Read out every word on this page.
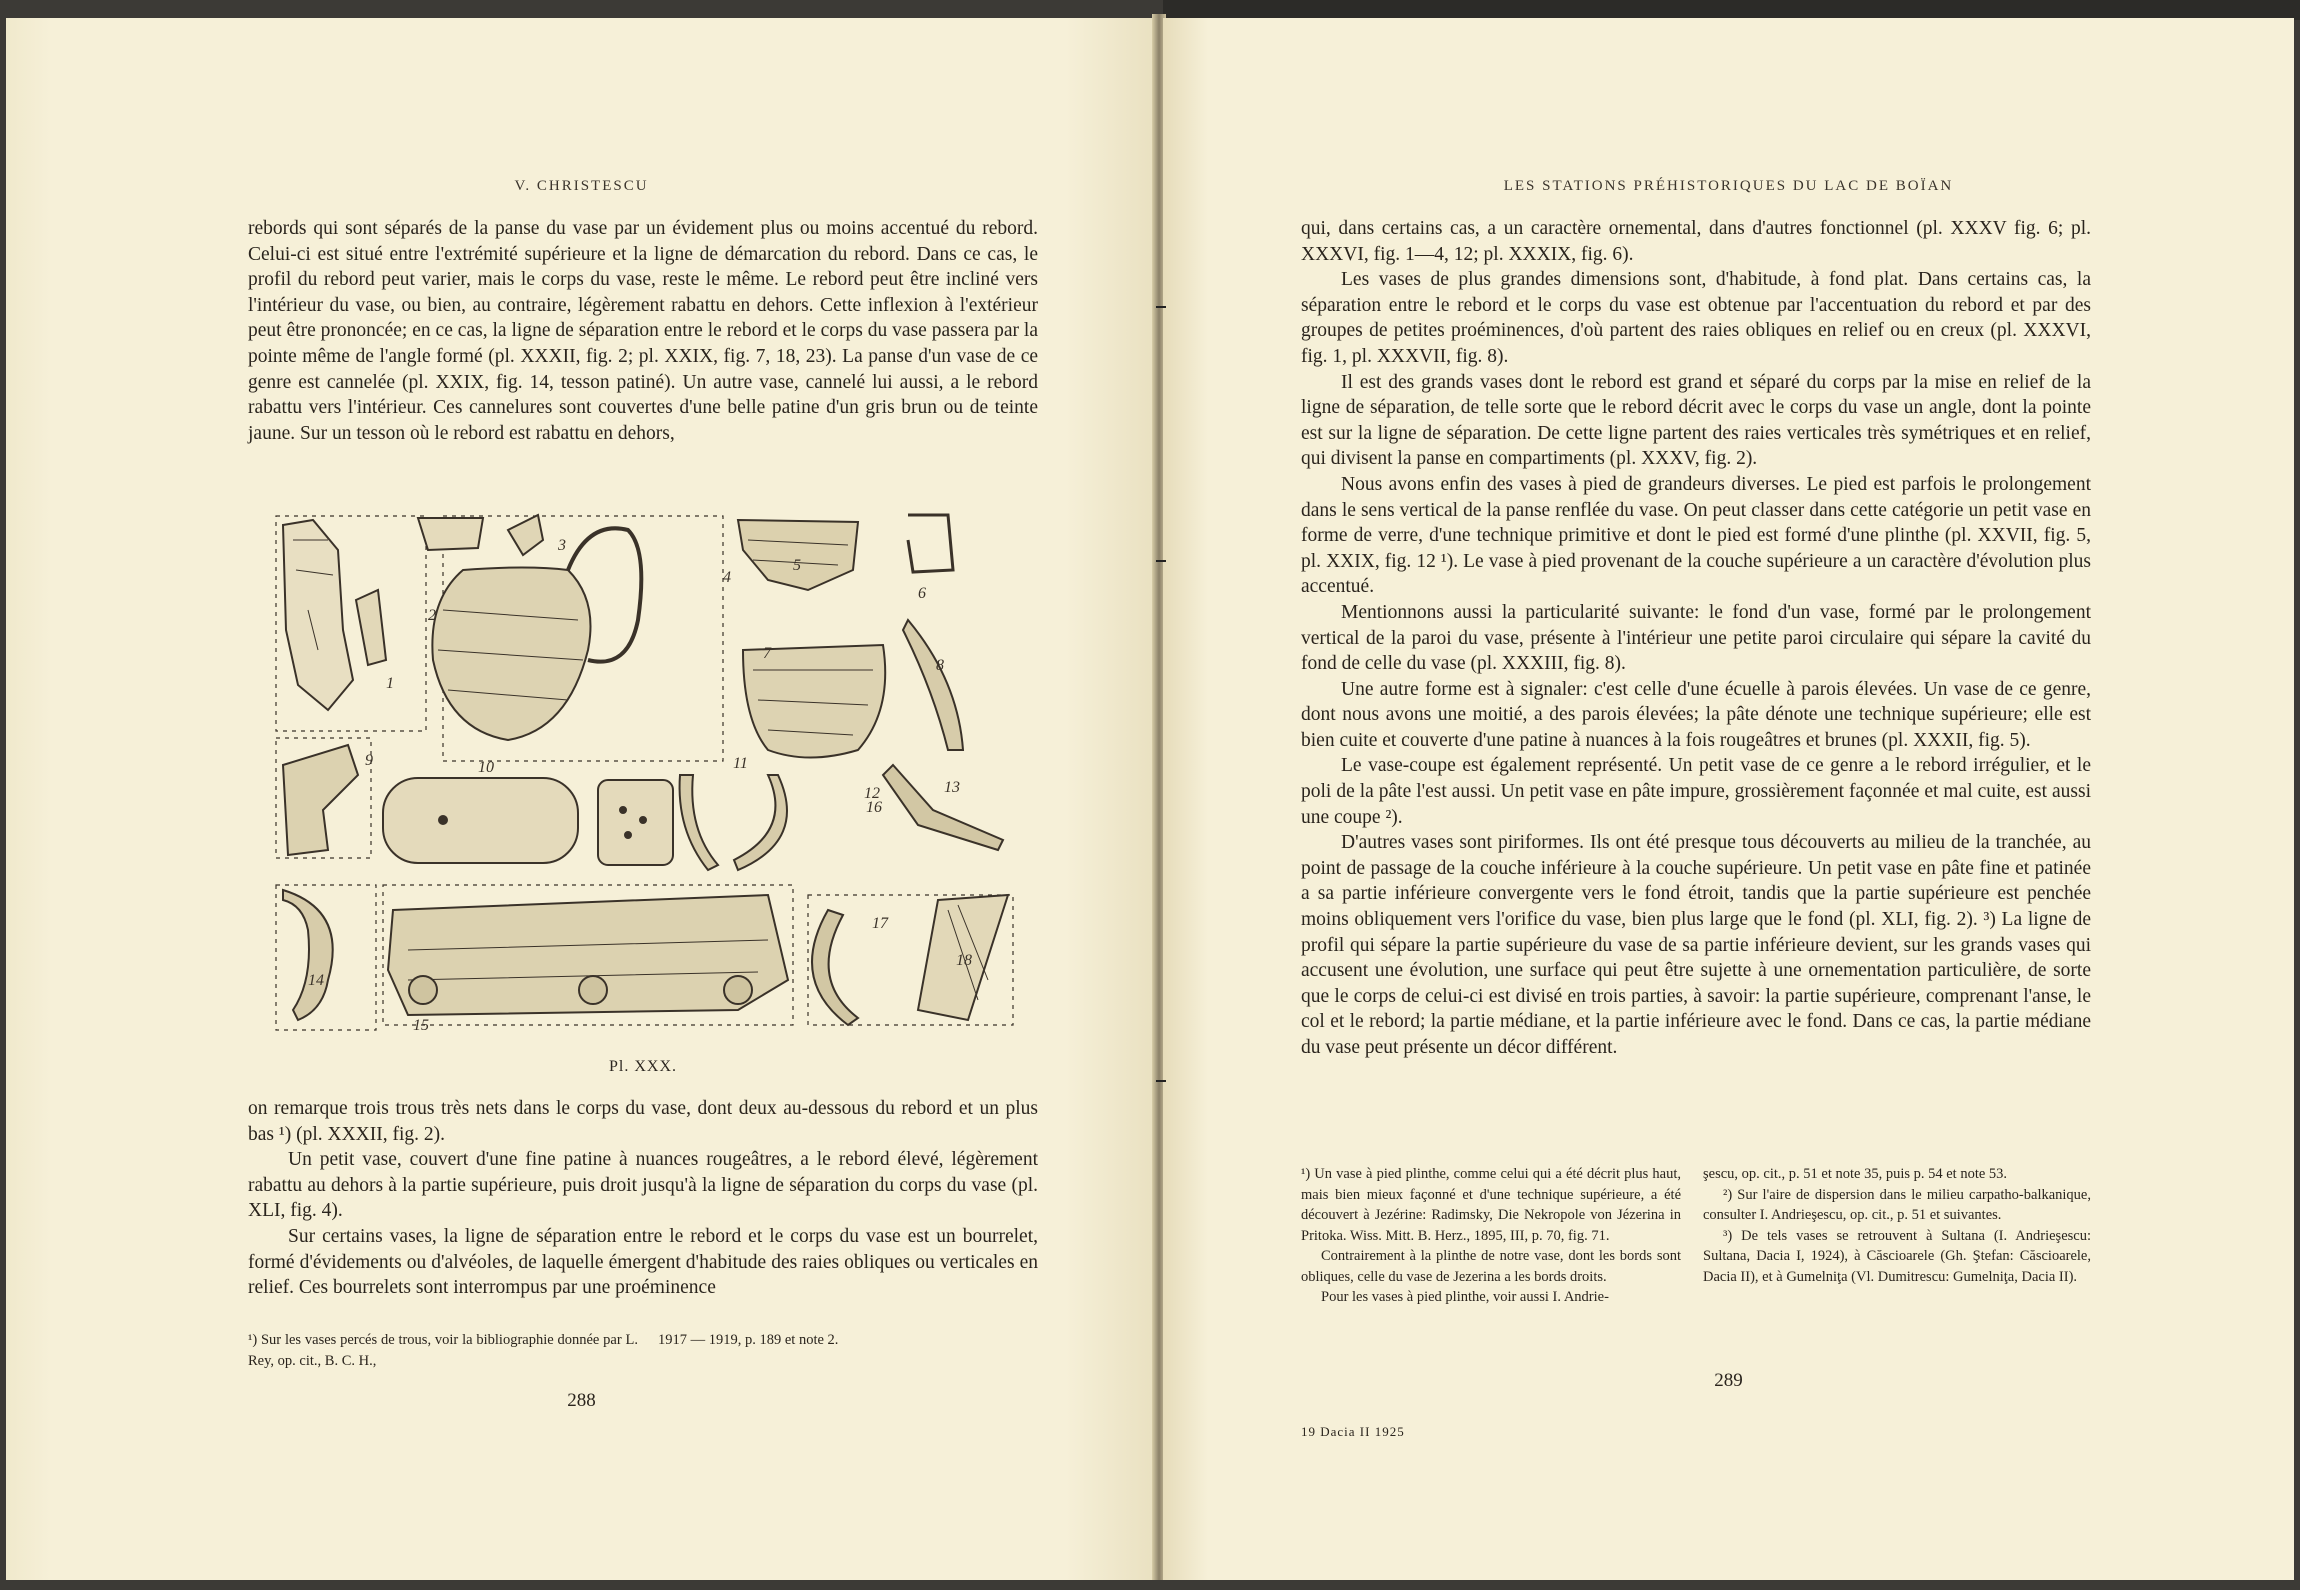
V. CHRISTESCU

rebords qui sont séparés de la panse du vase par un évidement plus ou moins accentué du rebord. Celui-ci est situé entre l'extrémité supérieure et la ligne de démarcation du rebord. Dans ce cas, le profil du rebord peut varier, mais le corps du vase, reste le même. Le rebord peut être incliné vers l'intérieur du vase, ou bien, au contraire, légèrement rabattu en dehors. Cette inflexion à l'extérieur peut être prononcée; en ce cas, la ligne de séparation entre le rebord et le corps du vase passera par la pointe même de l'angle formé (pl. XXXII, fig. 2; pl. XXIX, fig. 7, 18, 23). La panse d'un vase de ce genre est cannelée (pl. XXIX, fig. 14, tesson patiné). Un autre vase, cannelé lui aussi, a le rebord rabattu vers l'intérieur. Ces cannelures sont couvertes d'une belle patine d'un gris brun ou de teinte jaune. Sur un tesson où le rebord est rabattu en dehors,

1
2
3
4
5
6
7
8
9	10	11
12	13
14
15
16
17
18
Pl. XXX.

on remarque trois trous très nets dans le corps du vase, dont deux au-dessous du rebord et un plus bas ¹) (pl. XXXII, fig. 2).

Un petit vase, couvert d'une fine patine à nuances rougeâtres, a le rebord élevé, légèrement rabattu au dehors à la partie supérieure, puis droit jusqu'à la ligne de séparation du corps du vase (pl. XLI, fig. 4).

Sur certains vases, la ligne de séparation entre le rebord et le corps du vase est un bourrelet, formé d'évidements ou d'alvéoles, de laquelle émergent d'habitude des raies obliques ou verticales en relief. Ces bourrelets sont interrompus par une proéminence

¹) Sur les vases percés de trous, voir la bibliographie donnée par L. Rey, op. cit., B. C. H.,
1917 — 1919, p. 189 et note 2.
288
LES STATIONS PRÉHISTORIQUES DU LAC DE BOÏAN

qui, dans certains cas, a un caractère ornemental, dans d'autres fonctionnel (pl. XXXV fig. 6; pl. XXXVI, fig. 1—4, 12; pl. XXXIX, fig. 6).

Les vases de plus grandes dimensions sont, d'habitude, à fond plat. Dans certains cas, la séparation entre le rebord et le corps du vase est obtenue par l'accentuation du rebord et par des groupes de petites proéminences, d'où partent des raies obliques en relief ou en creux (pl. XXXVI, fig. 1, pl. XXXVII, fig. 8).

Il est des grands vases dont le rebord est grand et séparé du corps par la mise en relief de la ligne de séparation, de telle sorte que le rebord décrit avec le corps du vase un angle, dont la pointe est sur la ligne de séparation. De cette ligne partent des raies verticales très symétriques et en relief, qui divisent la panse en compartiments (pl. XXXV, fig. 2).

Nous avons enfin des vases à pied de grandeurs diverses. Le pied est parfois le prolongement dans le sens vertical de la panse renflée du vase. On peut classer dans cette catégorie un petit vase en forme de verre, d'une technique primitive et dont le pied est formé d'une plinthe (pl. XXVII, fig. 5, pl. XXIX, fig. 12 ¹). Le vase à pied provenant de la couche supérieure a un caractère d'évolution plus accentué.

Mentionnons aussi la particularité suivante: le fond d'un vase, formé par le prolongement vertical de la paroi du vase, présente à l'intérieur une petite paroi circulaire qui sépare la cavité du fond de celle du vase (pl. XXXIII, fig. 8).

Une autre forme est à signaler: c'est celle d'une écuelle à parois élevées. Un vase de ce genre, dont nous avons une moitié, a des parois élevées; la pâte dénote une technique supérieure; elle est bien cuite et couverte d'une patine à nuances à la fois rougeâtres et brunes (pl. XXXII, fig. 5).

Le vase-coupe est également représenté. Un petit vase de ce genre a le rebord irrégulier, et le poli de la pâte l'est aussi. Un petit vase en pâte impure, grossièrement façonnée et mal cuite, est aussi une coupe ²).

D'autres vases sont piriformes. Ils ont été presque tous découverts au milieu de la tranchée, au point de passage de la couche inférieure à la couche supérieure. Un petit vase en pâte fine et patinée a sa partie inférieure convergente vers le fond étroit, tandis que la partie supérieure est penchée moins obliquement vers l'orifice du vase, bien plus large que le fond (pl. XLI, fig. 2). ³) La ligne de profil qui sépare la partie supérieure du vase de sa partie inférieure devient, sur les grands vases qui accusent une évolution, une surface qui peut être sujette à une ornementation particulière, de sorte que le corps de celui-ci est divisé en trois parties, à savoir: la partie supérieure, comprenant l'anse, le col et le rebord; la partie médiane, et la partie inférieure avec le fond. Dans ce cas, la partie médiane du vase peut présente un décor différent.

¹) Un vase à pied plinthe, comme celui qui a été décrit plus haut, mais bien mieux façonné et d'une technique supérieure, a été découvert à Jezérine: Radimsky, Die Nekropole von Jézerina in Pritoka. Wiss. Mitt. B. Herz., 1895, III, p. 70, fig. 71.

Contrairement à la plinthe de notre vase, dont les bords sont obliques, celle du vase de Jezerina a les bords droits.

Pour les vases à pied plinthe, voir aussi I. Andrie-

şescu, op. cit., p. 51 et note 35, puis p. 54 et note 53.

²) Sur l'aire de dispersion dans le milieu carpatho-balkanique, consulter I. Andrieşescu, op. cit., p. 51 et suivantes.

³) De tels vases se retrouvent à Sultana (I. Andrieşescu: Sultana, Dacia I, 1924), à Căscioarele (Gh. Ştefan: Căscioarele, Dacia II), et à Gumelniţa (Vl. Dumitrescu: Gumelniţa, Dacia II).

289
19 Dacia II 1925
